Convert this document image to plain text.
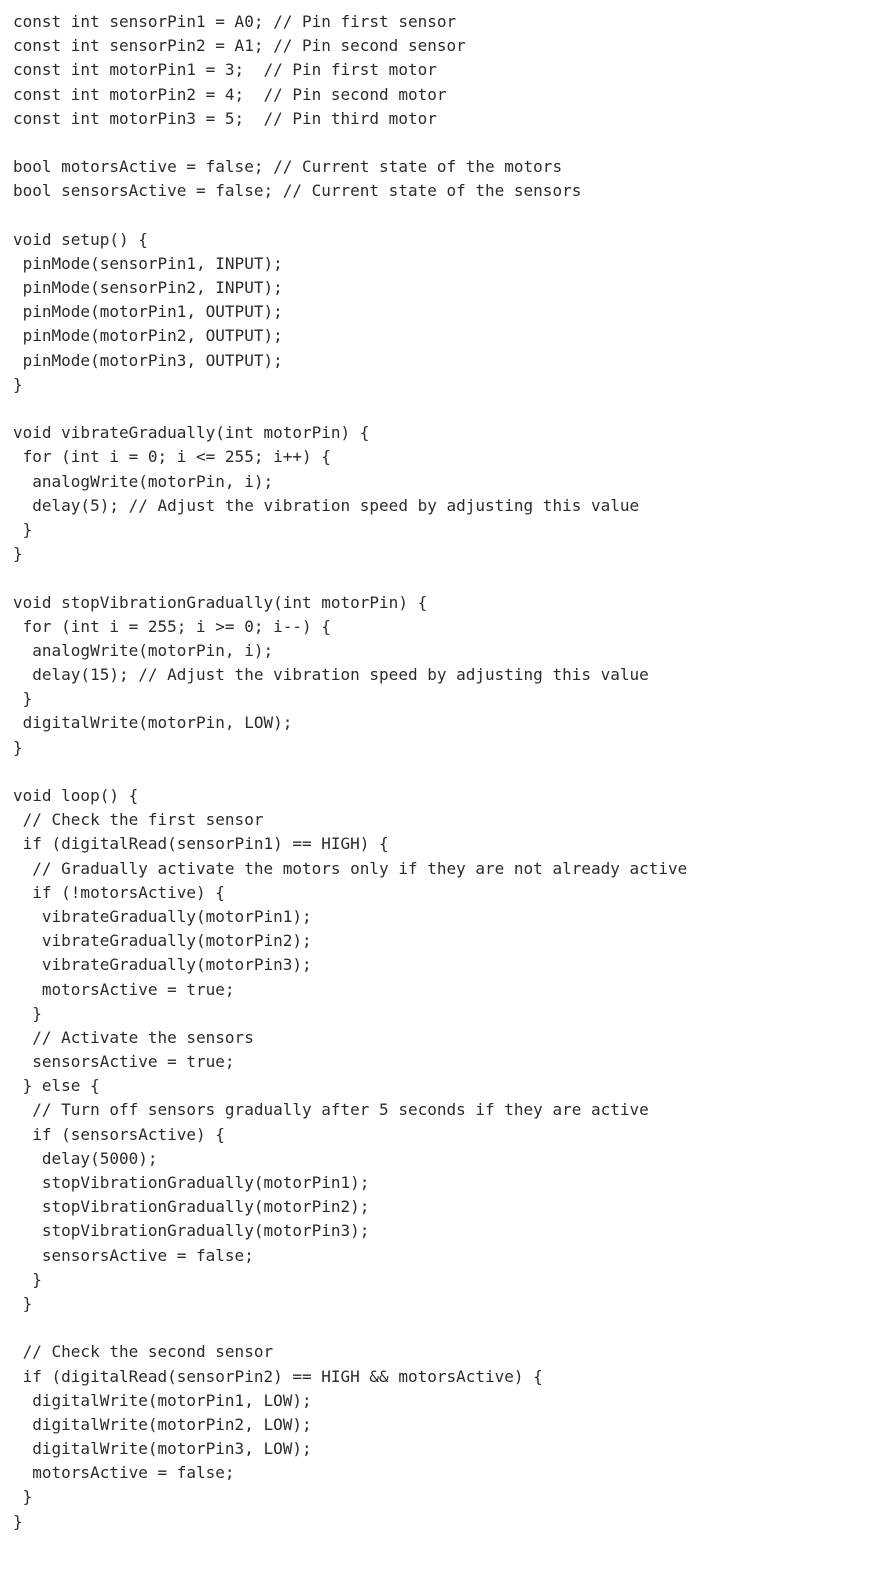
const int sensorPin1 = A0; // Pin first sensor
const int sensorPin2 = A1; // Pin second sensor
const int motorPin1 = 3;  // Pin first motor
const int motorPin2 = 4;  // Pin second motor
const int motorPin3 = 5;  // Pin third motor
bool motorsActive = false; // Current state of the motors
bool sensorsActive = false; // Current state of the sensors
void setup() {
pinMode(sensorPin1, INPUT);
pinMode(sensorPin2, INPUT);
pinMode(motorPin1, OUTPUT);
pinMode(motorPin2, OUTPUT);
pinMode(motorPin3, OUTPUT);
}
void vibrateGradually(int motorPin) {
for (int i = 0; i <= 255; i++) {
analogWrite(motorPin, i);
delay(5); // Adjust the vibration speed by adjusting this value
}
}
void stopVibrationGradually(int motorPin) {
for (int i = 255; i >= 0; i--) {
analogWrite(motorPin, i);
delay(15); // Adjust the vibration speed by adjusting this value
}
digitalWrite(motorPin, LOW);
}
void loop() {
// Check the first sensor
if (digitalRead(sensorPin1) == HIGH) {
// Gradually activate the motors only if they are not already active
if (!motorsActive) {
vibrateGradually(motorPin1);
vibrateGradually(motorPin2);
vibrateGradually(motorPin3);
motorsActive = true;
}
// Activate the sensors
sensorsActive = true;
} else {
// Turn off sensors gradually after 5 seconds if they are active
if (sensorsActive) {
delay(5000);
stopVibrationGradually(motorPin1);
stopVibrationGradually(motorPin2);
stopVibrationGradually(motorPin3);
sensorsActive = false;
}
}
// Check the second sensor
if (digitalRead(sensorPin2) == HIGH && motorsActive) {
digitalWrite(motorPin1, LOW);
digitalWrite(motorPin2, LOW);
digitalWrite(motorPin3, LOW);
motorsActive = false;
}
}
